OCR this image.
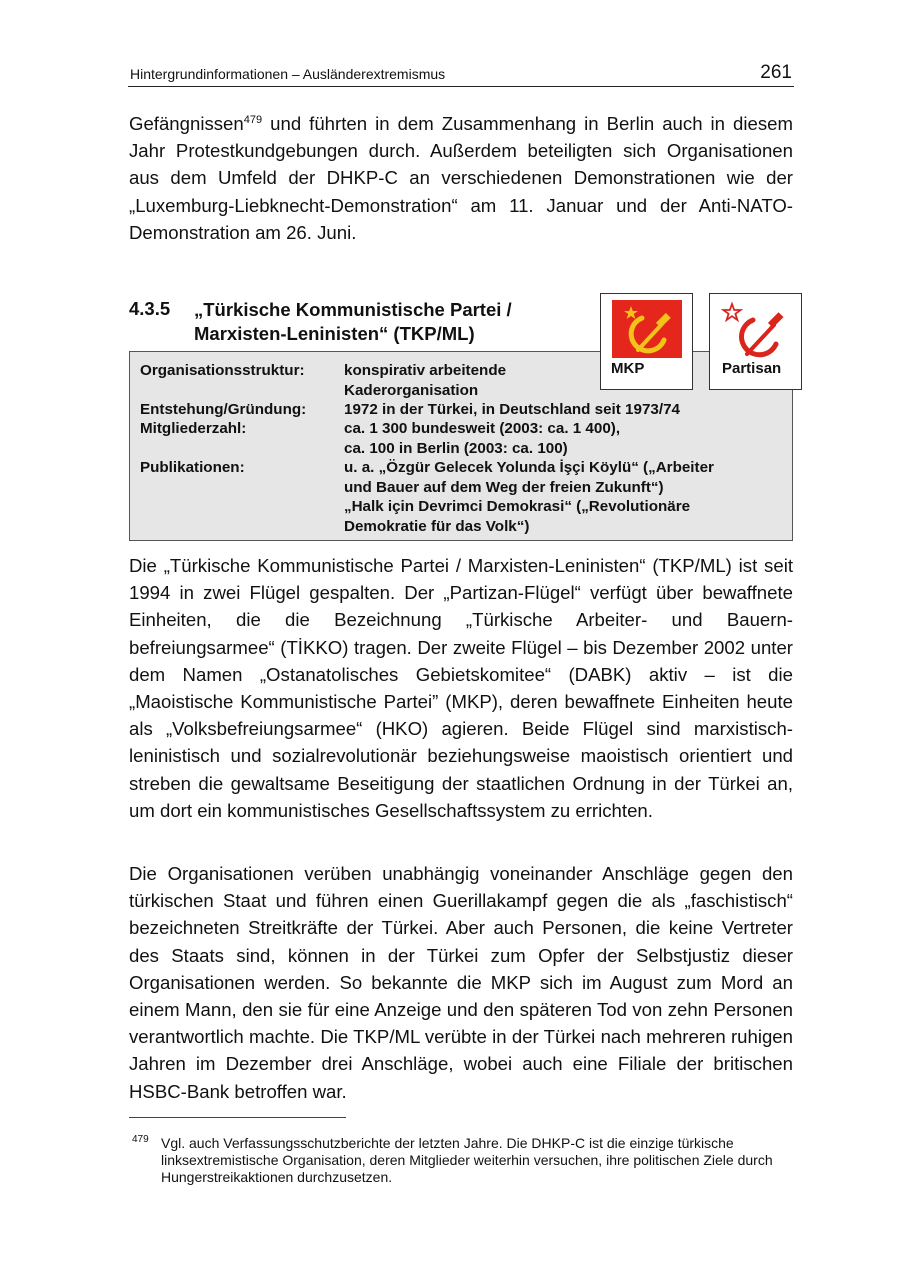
Hintergrundinformationen – Ausländerextremismus	261
Gefängnissen$^{479}$ und führten in dem Zusammenhang in Berlin auch in diesem Jahr Protestkundgebungen durch. Außerdem beteiligten sich Organisationen aus dem Umfeld der DHKP-C an verschiedenen Demonstrationen wie der „Luxemburg-Liebknecht-Demonstration“ am 11. Januar und der Anti-NATO-Demonstration am 26. Juni.
4.3.5 „Türkische Kommunistische Partei /
Marxisten-Leninisten“ (TKP/ML)
Organisationsstruktur:	konspirativ arbeitende
Kaderorganisation
Entstehung/Gründung:	1972 in der Türkei, in Deutschland seit 1973/74
Mitgliederzahl:	ca. 1 300 bundesweit (2003: ca. 1 400),
ca. 100 in Berlin (2003: ca. 100)
Publikationen:	u. a. „Özgür Gelecek Yolunda İşçi Köylü“ („Arbeiter
und Bauer auf dem Weg der freien Zukunft“)
„Halk için Devrimci Demokrasi“ („Revolutionäre
Demokratie für das Volk“)
MKP	Partisan
Die „Türkische Kommunistische Partei / Marxisten-Leninisten“ (TKP/ML) ist seit 1994 in zwei Flügel gespalten. Der „Partizan-Flügel“ verfügt über bewaffnete Einheiten, die die Bezeichnung „Türkische Arbeiter- und Bauernbefreiungsarmee“ (TİKKO) tragen. Der zweite Flügel – bis Dezember 2002 unter dem Namen „Ostanatolisches Gebietskomitee“ (DABK) aktiv – ist die „Maoistische Kommunistische Partei” (MKP), deren bewaffnete Einheiten heute als „Volksbefreiungsarmee“ (HKO) agieren. Beide Flügel sind marxistisch-leninistisch und sozialrevolutionär beziehungsweise maoistisch orientiert und streben die gewaltsame Beseitigung der staatlichen Ordnung in der Türkei an, um dort ein kommunistisches Gesellschaftssystem zu errichten.
Die Organisationen verüben unabhängig voneinander Anschläge gegen den türkischen Staat und führen einen Guerillakampf gegen die als „faschistisch“ bezeichneten Streitkräfte der Türkei. Aber auch Personen, die keine Vertreter des Staats sind, können in der Türkei zum Opfer der Selbstjustiz dieser Organisationen werden. So bekannte die MKP sich im August zum Mord an einem Mann, den sie für eine Anzeige und den späteren Tod von zehn Personen verantwortlich machte. Die TKP/ML verübte in der Türkei nach mehreren ruhigen Jahren im Dezember drei Anschläge, wobei auch eine Filiale der britischen HSBC-Bank betroffen war.
479 Vgl. auch Verfassungsschutzberichte der letzten Jahre. Die DHKP-C ist die einzige türkische linksextremistische Organisation, deren Mitglieder weiterhin versuchen, ihre politischen Ziele durch Hungerstreikaktionen durchzusetzen.
